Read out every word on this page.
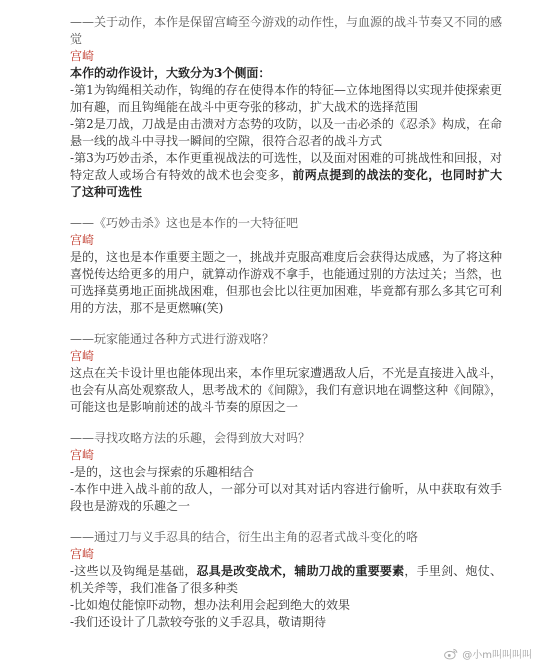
——关于动作，本作是保留宫崎至今游戏的动作性，与血源的战斗节奏又不同的感觉

宫崎

本作的动作设计，大致分为3个侧面：

-第1为钩绳相关动作，钩绳的存在使得本作的特征—立体地图得以实现并使探索更加有趣，而且钩绳能在战斗中更夸张的移动，扩大战术的选择范围

-第2是刀战，刀战是由击溃对方态势的攻防，以及一击必杀的《忍杀》构成，在命悬一线的战斗中寻找一瞬间的空隙，很符合忍者的战斗方式

-第3为巧妙击杀，本作更重视战法的可选性，以及面对困难的可挑战性和回报，对特定敌人或场合有特效的战术也会变多，前两点提到的战法的变化，也同时扩大了这种可选性

——《巧妙击杀》这也是本作的一大特征吧

宫崎

是的，这也是本作重要主题之一，挑战并克服高难度后会获得达成感，为了将这种喜悦传达给更多的用户，就算动作游戏不拿手，也能通过别的方法过关；当然，也可选择莫勇地正面挑战困难，但那也会比以往更加困难，毕竟都有那么多其它可利用的方法，那不是更燃嘛(笑)

——玩家能通过各种方式进行游戏咯？

宫崎

这点在关卡设计里也能体现出来，本作里玩家遭遇敌人后，不光是直接进入战斗，也会有从高处观察敌人，思考战术的《间隙》，我们有意识地在调整这种《间隙》，可能这也是影响前述的战斗节奏的原因之一

——寻找攻略方法的乐趣，会得到放大对吗？

宫崎

-是的，这也会与探索的乐趣相结合

-本作中进入战斗前的敌人，一部分可以对其对话内容进行偷听，从中获取有效手段也是游戏的乐趣之一

——通过刀与义手忍具的结合，衍生出主角的忍者式战斗变化的咯

宫崎

-这些以及钩绳是基础，忍具是改变战术，辅助刀战的重要要素，手里剑、炮仗、机关斧等，我们准备了很多种类

-比如炮仗能惊吓动物，想办法利用会起到绝大的效果

-我们还设计了几款较夸张的义手忍具，敬请期待

@小m叫叫叫叫
